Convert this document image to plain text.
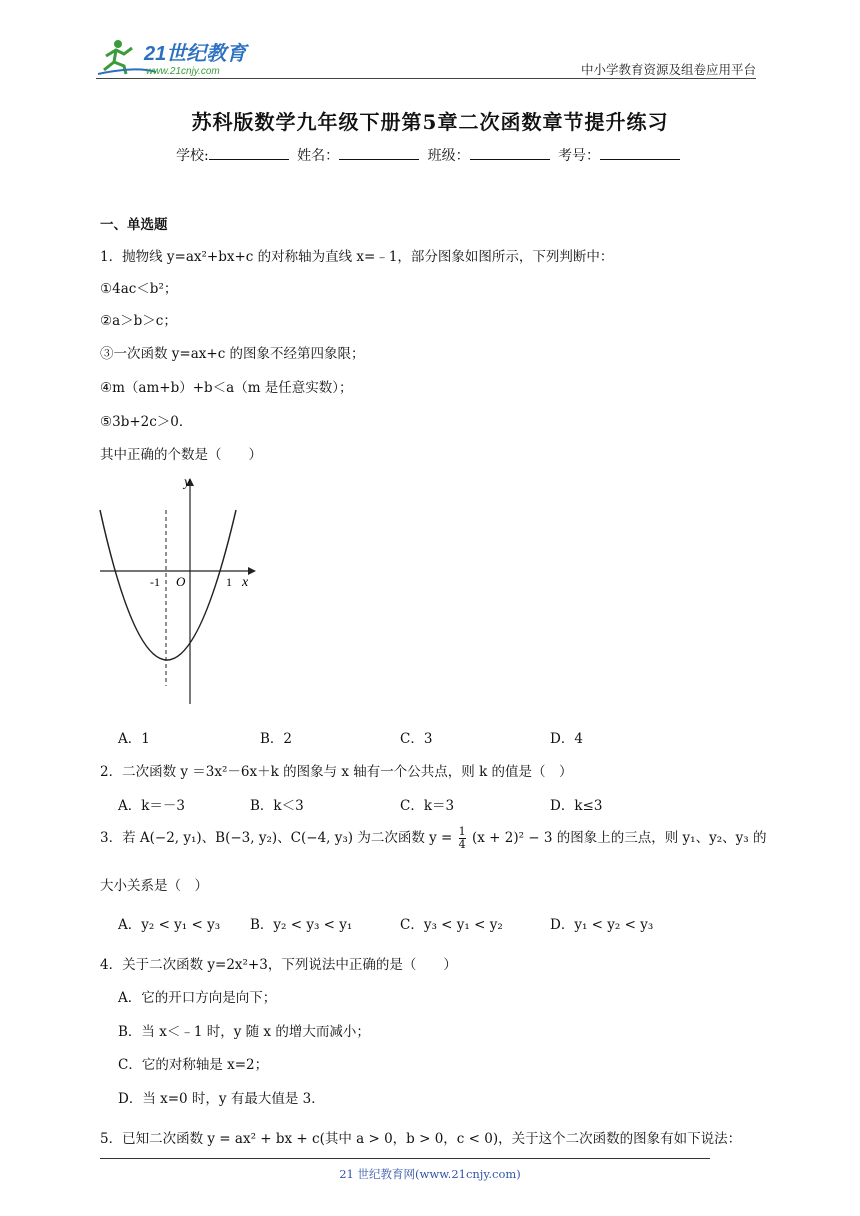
21世纪教育
www.21cnjy.com	中小学教育资源及组卷应用平台
苏科版数学九年级下册第5章二次函数章节提升练习
学校:	姓名：	班级：	考号：
一、单选题
1．抛物线 y=ax²+bx+c 的对称轴为直线 x=﹣1，部分图象如图所示，下列判断中：
①4ac＜b²；
②a＞b＞c；
③一次函数 y=ax+c 的图象不经第四象限；
④m（am+b）+b＜a（m 是任意实数）；
⑤3b+2c＞0．
其中正确的个数是（　　）
y
x
O
-1	1
A．1	B．2	C．3	D．4
2．二次函数 y ＝3x²－6x＋k 的图象与 x 轴有一个公共点，则 k 的值是（　）
A．k＝－3	B．k＜3	C．k＝3	D．k≤3
3．若 A(−2, y₁)、B(−3, y₂)、C(−4, y₃) 为二次函数 $y = \frac{1}{4} (x + 2)^2 - 3$ 的图象上的三点，则 y₁、y₂、y₃ 的
大小关系是（　）
A．y₂ < y₁ < y₃ B．y₂ < y₃ < y₁	C．y₃ < y₁ < y₂	D．y₁ < y₂ < y₃
4．关于二次函数 y=2x²+3，下列说法中正确的是（　　）
A．它的开口方向是向下；
B．当 x＜﹣1 时，y 随 x 的增大而减小；
C．它的对称轴是 x=2；
D．当 x=0 时，y 有最大值是 3．
5．已知二次函数 y = ax² + bx + c(其中 a > 0，b > 0，c < 0)，关于这个二次函数的图象有如下说法：
21 世纪教育网(www.21cnjy.com)
